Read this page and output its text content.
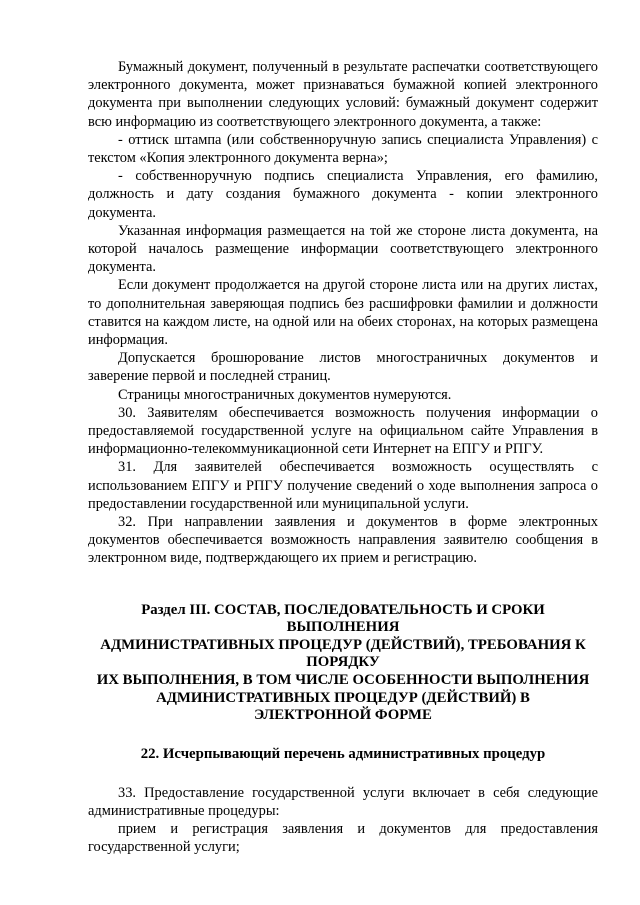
Бумажный документ, полученный в результате распечатки соответствующего электронного документа, может признаваться бумажной копией электронного документа при выполнении следующих условий: бумажный документ содержит всю информацию из соответствующего электронного документа, а также:

- оттиск штампа (или собственноручную запись специалиста Управления) с текстом «Копия электронного документа верна»;

- собственноручную подпись специалиста Управления, его фамилию, должность и дату создания бумажного документа - копии электронного документа.

Указанная информация размещается на той же стороне листа документа, на которой началось размещение информации соответствующего электронного документа.

Если документ продолжается на другой стороне листа или на других листах, то дополнительная заверяющая подпись без расшифровки фамилии и должности ставится на каждом листе, на одной или на обеих сторонах, на которых размещена информация.

Допускается брошюрование листов многостраничных документов и заверение первой и последней страниц.

Страницы многостраничных документов нумеруются.

30. Заявителям обеспечивается возможность получения информации о предоставляемой государственной услуге на официальном сайте Управления в информационно-телекоммуникационной сети Интернет на ЕПГУ и РПГУ.

31. Для заявителей обеспечивается возможность осуществлять с использованием ЕПГУ и РПГУ получение сведений о ходе выполнения запроса о предоставлении государственной или муниципальной услуги.

32. При направлении заявления и документов в форме электронных документов обеспечивается возможность направления заявителю сообщения в электронном виде, подтверждающего их прием и регистрацию.

Раздел III. СОСТАВ, ПОСЛЕДОВАТЕЛЬНОСТЬ И СРОКИ
ВЫПОЛНЕНИЯ
АДМИНИСТРАТИВНЫХ ПРОЦЕДУР (ДЕЙСТВИЙ), ТРЕБОВАНИЯ К
ПОРЯДКУ
ИХ ВЫПОЛНЕНИЯ, В ТОМ ЧИСЛЕ ОСОБЕННОСТИ ВЫПОЛНЕНИЯ
АДМИНИСТРАТИВНЫХ ПРОЦЕДУР (ДЕЙСТВИЙ) В
ЭЛЕКТРОННОЙ ФОРМЕ
22. Исчерпывающий перечень административных процедур

33. Предоставление государственной услуги включает в себя следующие административные процедуры:

прием и регистрация заявления и документов для предоставления государственной услуги;
